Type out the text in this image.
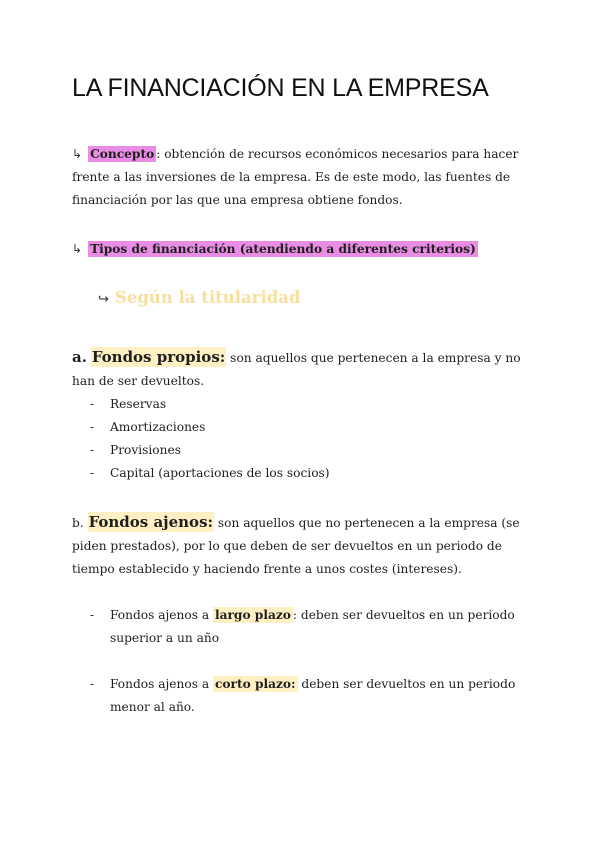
LA FINANCIACIÓN EN LA EMPRESA
↳ Concepto : obtención de recursos económicos necesarios para hacer frente a las inversiones de la empresa. Es de este modo, las fuentes de financiación por las que una empresa obtiene fondos.
↳ Tipos de financiación (atendiendo a diferentes criterios)
↪ Según la titularidad
a. Fondos propios: son aquellos que pertenecen a la empresa y no han de ser devueltos.
- Reservas
- Amortizaciones
- Provisiones
- Capital (aportaciones de los socios)
b. Fondos ajenos: son aquellos que no pertenecen a la empresa (se piden prestados), por lo que deben de ser devueltos en un periodo de tiempo establecido y haciendo frente a unos costes (intereses).
- Fondos ajenos a largo plazo : deben ser devueltos en un periodo superior a un año
- Fondos ajenos a corto plazo: deben ser devueltos en un periodo menor al año.
